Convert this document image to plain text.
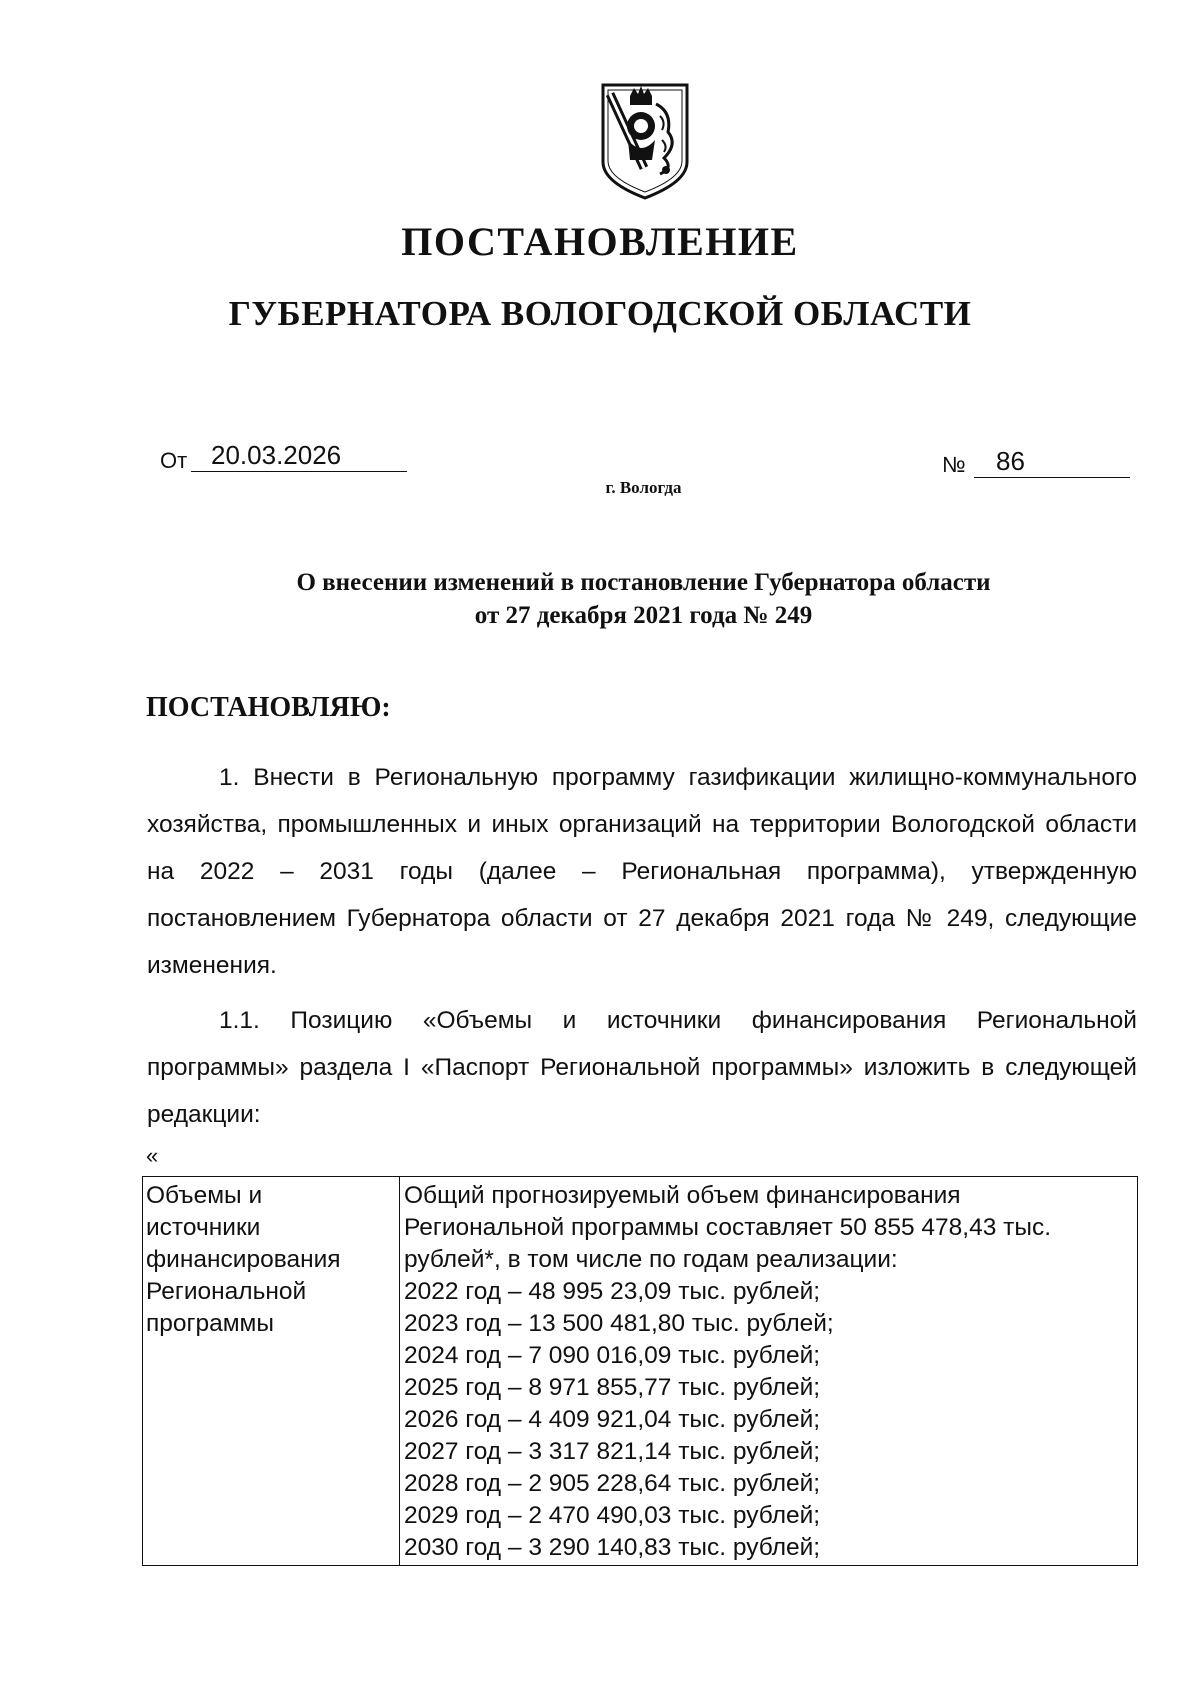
ПОСТАНОВЛЕНИЕ
ГУБЕРНАТОРА ВОЛОГОДСКОЙ ОБЛАСТИ
От 20.03.2026	№	86
г. Вологда
О внесении изменений в постановление Губернатора области
от 27 декабря 2021 года № 249
ПОСТАНОВЛЯЮ:
1. Внести в Региональную программу газификации жилищно-коммунального хозяйства, промышленных и иных организаций на территории Вологодской области на 2022 – 2031 годы (далее – Региональная программа), утвержденную постановлением Губернатора области от 27 декабря 2021 года № 249, следующие изменения.
1.1. Позицию «Объемы и источники финансирования Региональной программы» раздела I «Паспорт Региональной программы» изложить в следующей редакции:
«
Объемы и
источники
финансирования
Региональной
программы
Общий прогнозируемый объем финансирования
Региональной программы составляет 50 855 478,43 тыс.
рублей*, в том числе по годам реализации:
2022 год – 48 995 23,09 тыс. рублей;
2023 год – 13 500 481,80 тыс. рублей;
2024 год – 7 090 016,09 тыс. рублей;
2025 год – 8 971 855,77 тыс. рублей;
2026 год – 4 409 921,04 тыс. рублей;
2027 год – 3 317 821,14 тыс. рублей;
2028 год – 2 905 228,64 тыс. рублей;
2029 год – 2 470 490,03 тыс. рублей;
2030 год – 3 290 140,83 тыс. рублей;
